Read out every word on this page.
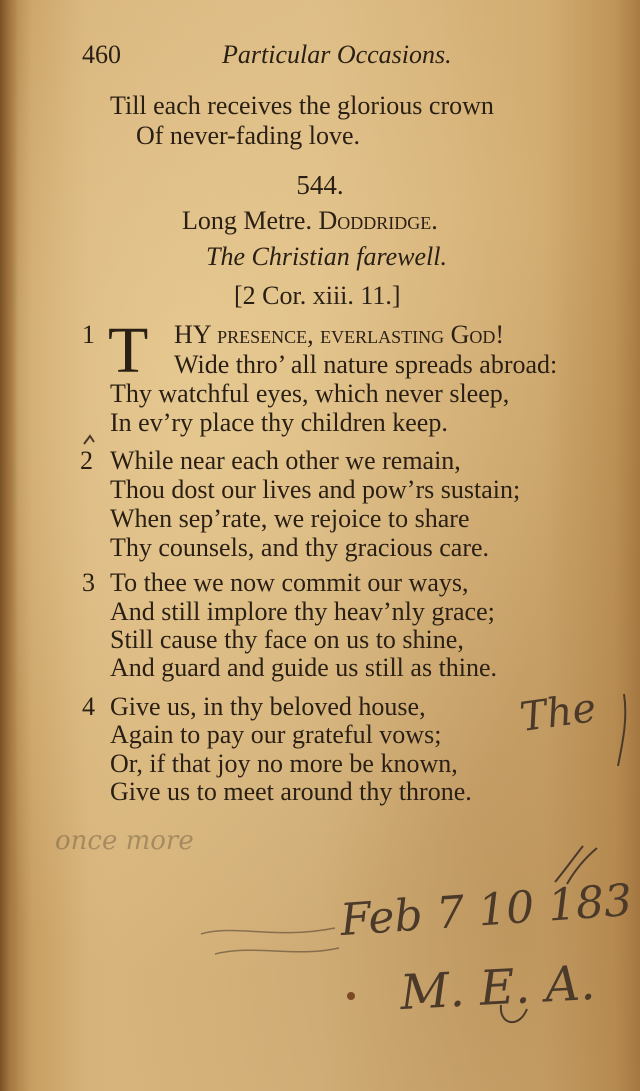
460	Particular Occasions.
Till each receives the glorious crown
Of never-fading love.
544.
Long Metre. Doddridge.
The Christian farewell.
[2 Cor. xiii. 11.]
1 T HY presence, everlasting God!
Wide thro’ all nature spreads abroad:
Thy watchful eyes, which never sleep,
In ev’ry place thy children keep.
2 While near each other we remain,
Thou dost our lives and pow’rs sustain;
When sep’rate, we rejoice to share
Thy counsels, and thy gracious care.
3 To thee we now commit our ways,
And still implore thy heav’nly grace;
Still cause thy face on us to shine,
And guard and guide us still as thine.
4 Give us, in thy beloved house,
Again to pay our grateful vows;
Or, if that joy no more be known,
Give us to meet around thy throne.
The
once more
Feb 7 10 183
M. E. A.
